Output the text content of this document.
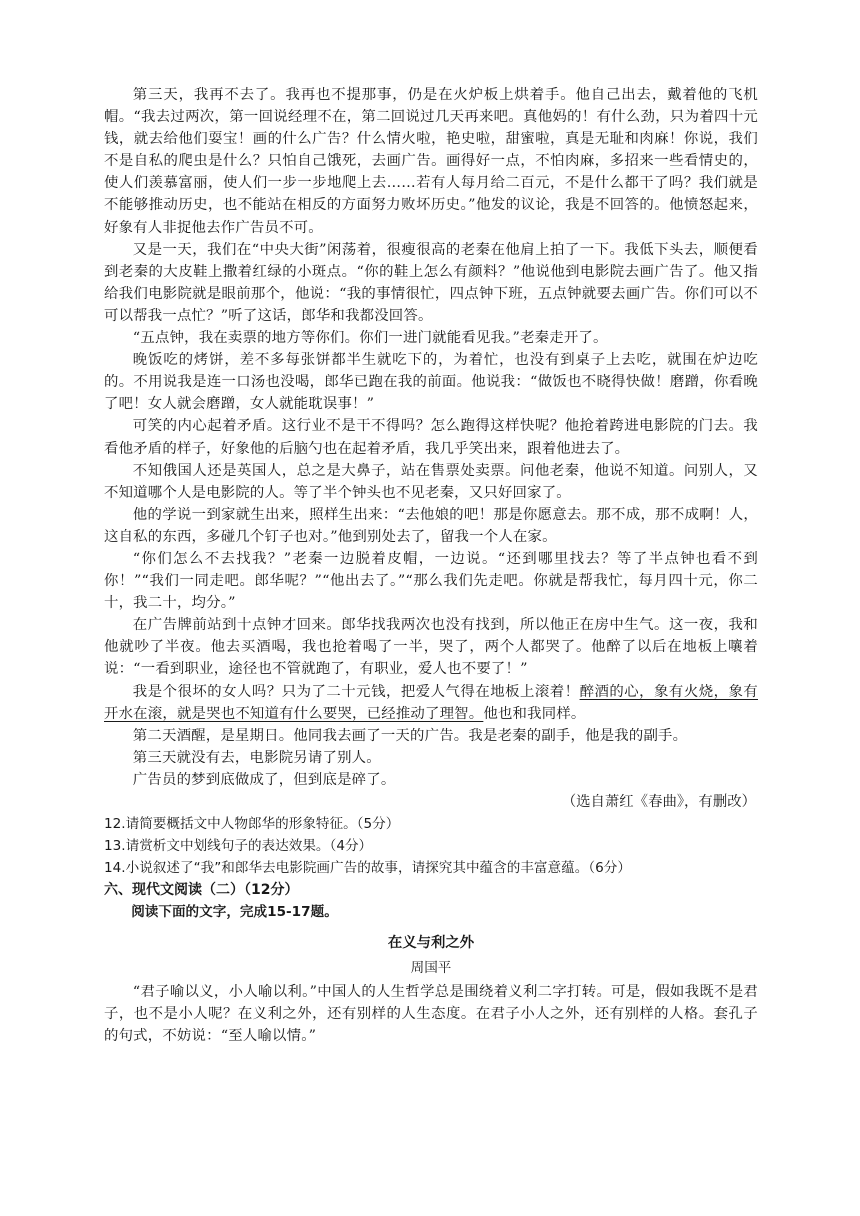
第三天，我再不去了。我再也不提那事，仍是在火炉板上烘着手。他自己出去，戴着他的飞机帽。“我去过两次，第一回说经理不在，第二回说过几天再来吧。真他妈的！有什么劲，只为着四十元钱，就去给他们耍宝！画的什么广告？什么情火啦，艳史啦，甜蜜啦，真是无耻和肉麻！你说，我们不是自私的爬虫是什么？只怕自己饿死，去画广告。画得好一点，不怕肉麻，多招来一些看情史的，使人们羡慕富丽，使人们一步一步地爬上去……若有人每月给二百元，不是什么都干了吗？我们就是不能够推动历史，也不能站在相反的方面努力败坏历史。”他发的议论，我是不回答的。他愤怒起来，好象有人非捉他去作广告员不可。

又是一天，我们在“中央大街”闲荡着，很瘦很高的老秦在他肩上拍了一下。我低下头去，顺便看到老秦的大皮鞋上撒着红绿的小斑点。“你的鞋上怎么有颜料？”他说他到电影院去画广告了。他又指给我们电影院就是眼前那个，他说：“我的事情很忙，四点钟下班，五点钟就要去画广告。你们可以不可以帮我一点忙？”听了这话，郎华和我都没回答。

“五点钟，我在卖票的地方等你们。你们一进门就能看见我。”老秦走开了。

晚饭吃的烤饼，差不多每张饼都半生就吃下的，为着忙，也没有到桌子上去吃，就围在炉边吃的。不用说我是连一口汤也没喝，郎华已跑在我的前面。他说我：“做饭也不晓得快做！磨蹭，你看晚了吧！女人就会磨蹭，女人就能耽误事！”

可笑的内心起着矛盾。这行业不是干不得吗？怎么跑得这样快呢？他抢着跨进电影院的门去。我看他矛盾的样子，好象他的后脑勺也在起着矛盾，我几乎笑出来，跟着他进去了。

不知俄国人还是英国人，总之是大鼻子，站在售票处卖票。问他老秦，他说不知道。问别人，又不知道哪个人是电影院的人。等了半个钟头也不见老秦，又只好回家了。

他的学说一到家就生出来，照样生出来：“去他娘的吧！那是你愿意去。那不成，那不成啊！人，这自私的东西，多碰几个钉子也对。”他到别处去了，留我一个人在家。

“你们怎么不去找我？”老秦一边脱着皮帽，一边说。“还到哪里找去？等了半点钟也看不到你！”“我们一同走吧。郎华呢？”“他出去了。”“那么我们先走吧。你就是帮我忙，每月四十元，你二十，我二十，均分。”

在广告牌前站到十点钟才回来。郎华找我两次也没有找到，所以他正在房中生气。这一夜，我和他就吵了半夜。他去买酒喝，我也抢着喝了一半，哭了，两个人都哭了。他醉了以后在地板上嚷着说：“一看到职业，途径也不管就跑了，有职业，爱人也不要了！”

我是个很坏的女人吗？只为了二十元钱，把爱人气得在地板上滚着！醉酒的心，象有火烧，象有开水在滚，就是哭也不知道有什么要哭，已经推动了理智。他也和我同样。

第二天酒醒，是星期日。他同我去画了一天的广告。我是老秦的副手，他是我的副手。

第三天就没有去，电影院另请了别人。

广告员的梦到底做成了，但到底是碎了。

（选自萧红《春曲》，有删改）

12.请简要概括文中人物郎华的形象特征。（5分）

13.请赏析文中划线句子的表达效果。（4分）

14.小说叙述了“我”和郎华去电影院画广告的故事，请探究其中蕴含的丰富意蕴。（6分）

六、现代文阅读（二）（12分）

阅读下面的文字，完成15-17题。

在义与利之外

周国平

“君子喻以义，小人喻以利。”中国人的人生哲学总是围绕着义利二字打转。可是，假如我既不是君子，也不是小人呢？在义利之外，还有别样的人生态度。在君子小人之外，还有别样的人格。套孔子的句式，不妨说：“至人喻以情。”
